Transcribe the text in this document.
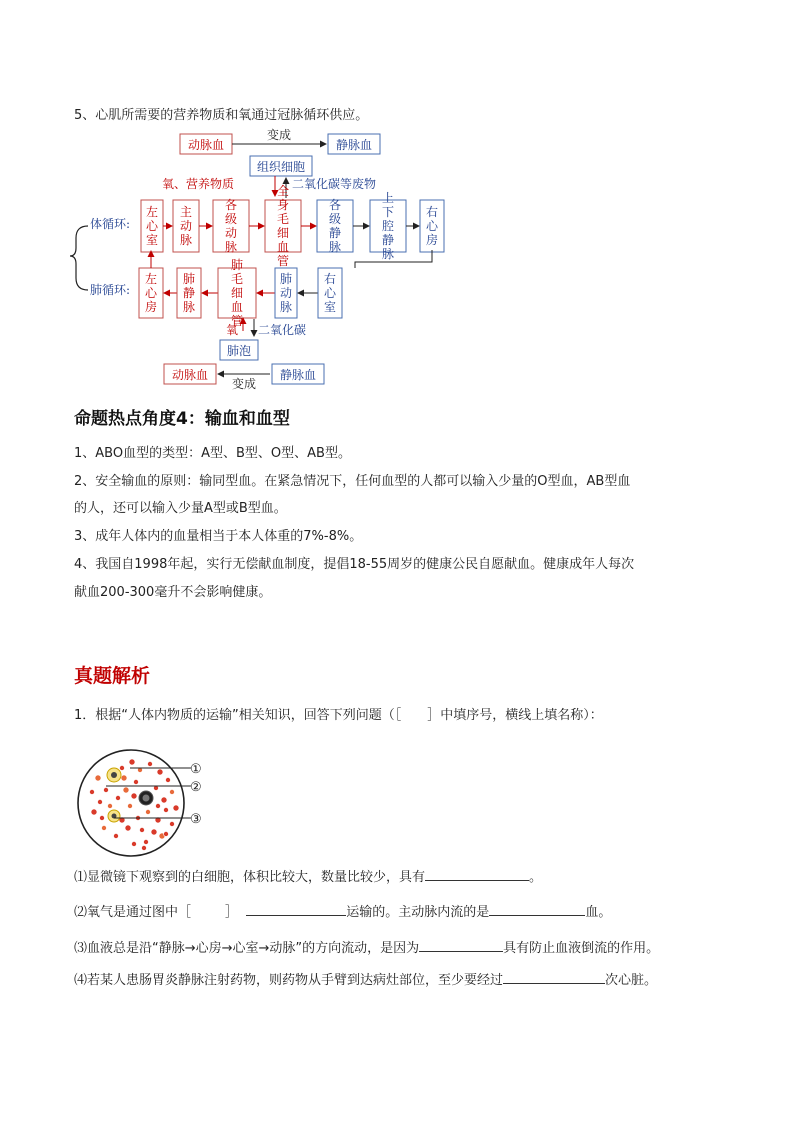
5、心肌所需要的营养物质和氧通过冠脉循环供应。
动脉血	静脉血
变成
组织细胞
氧、营养物质	二氧化碳等废物
体循环:
肺循环:
左
心
室
主
动
脉
各
级
动
脉
全
身
毛
细
血
管
各
级
静
脉
上
下
腔
静
脉
右
心
房
左
心
房
肺
静
脉
肺
毛
细
血
管
肺
动
脉
右
心
室
氧 二氧化碳
肺泡
动脉血	静脉血
变成
命题热点角度4：输血和血型
1、ABO血型的类型：A型、B型、O型、AB型。
2、安全输血的原则：输同型血。在紧急情况下，任何血型的人都可以输入少量的O型血，AB型血
的人，还可以输入少量A型或B型血。
3、成年人体内的血量相当于本人体重的7%-8%。
4、我国自1998年起，实行无偿献血制度，提倡18-55周岁的健康公民自愿献血。健康成年人每次
献血200-300毫升不会影响健康。
真题解析
1．根据“人体内物质的运输”相关知识，回答下列问题（［　　］中填序号，横线上填名称）：
①
②
③
⑴显微镜下观察到的白细胞，体积比较大，数量比较少，具有	。
⑵氧气是通过图中［	］	运输的。主动脉内流的是	血。
⑶血液总是沿“静脉→心房→心室→动脉”的方向流动，是因为	具有防止血液倒流的作用。
⑷若某人患肠胃炎静脉注射药物，则药物从手臂到达病灶部位，至少要经过	次心脏。
